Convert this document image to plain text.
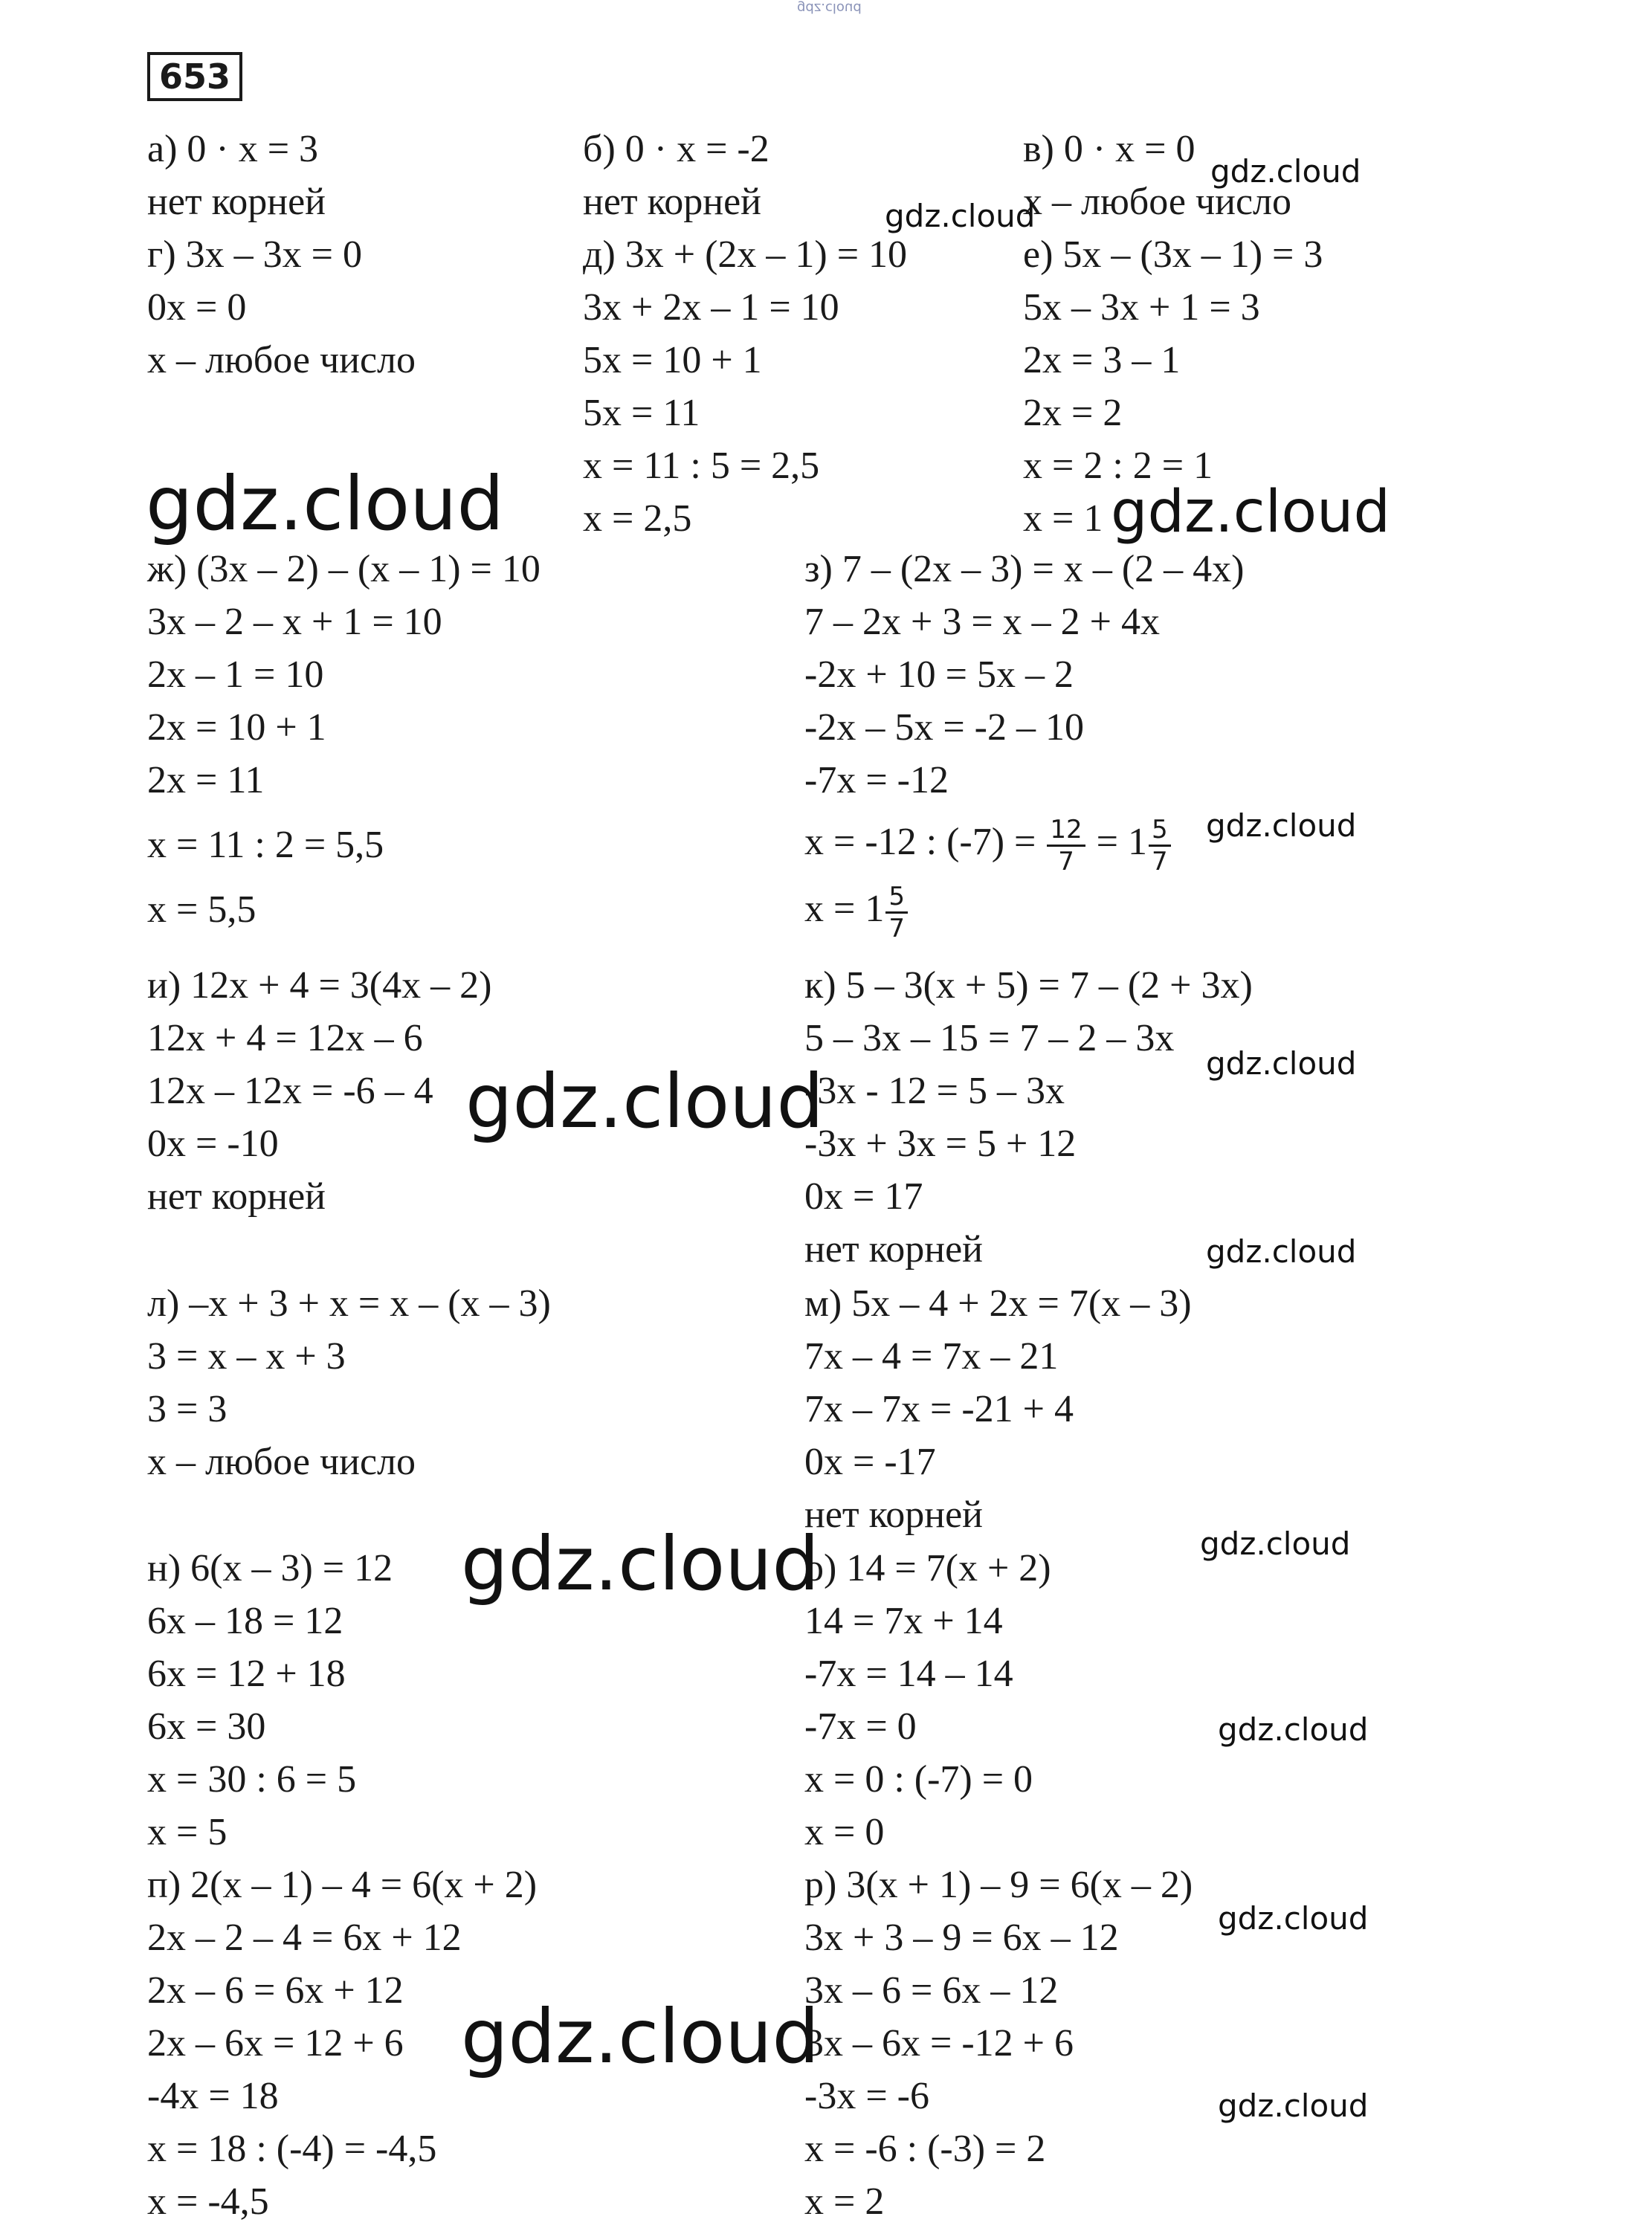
gdz.cloud
653
а) 0 · x = 3
нет корней
б) 0 · x = -2
нет корней
в) 0 · x = 0
x – любое число
г) 3x – 3x = 0
0x = 0
x – любое число
д) 3x + (2x – 1) = 10
3x + 2x – 1 = 10
5x = 10 + 1
5x = 11
x = 11 : 5 = 2,5
x = 2,5
е) 5x – (3x – 1) = 3
5x – 3x + 1 = 3
2x = 3 – 1
2x = 2
x = 2 : 2 = 1
x = 1
ж) (3x – 2) – (x – 1) = 10
3x – 2 – x + 1 = 10
2x – 1 = 10
2x = 10 + 1
2x = 11
x = 11 : 2 = 5,5
x = 5,5
з) 7 – (2x – 3) = x – (2 – 4x)
7 – 2x + 3 = x – 2 + 4x
-2x + 10 = 5x – 2
-2x – 5x = -2 – 10
-7x = -12
x = -12 : $(-7) = \frac{12}{7} = 1 \frac{5}{7}$
$x = 1 \frac{5}{7}$
и) 12x + 4 = 3(4x – 2)
12x + 4 = 12x – 6
12x – 12x = -6 – 4
0x = -10
нет корней
к) 5 – 3(x + 5) = 7 – (2 + 3x)
5 – 3x – 15 = 7 – 2 – 3x
-3x - 12 = 5 – 3x
-3x + 3x = 5 + 12
0x = 17
нет корней
л) –x + 3 + x = x – (x – 3)
3 = x – x + 3
3 = 3
x – любое число
м) 5x – 4 + 2x = 7(x – 3)
7x – 4 = 7x – 21
7x – 7x = -21 + 4
0x = -17
нет корней
н) 6(x – 3) = 12
6x – 18 = 12
6x = 12 + 18
6x = 30
x = 30 : 6 = 5
x = 5
о) 14 = 7(x + 2)
14 = 7x + 14
-7x = 14 – 14
-7x = 0
x = 0 : (-7) = 0
x = 0
п) 2(x – 1) – 4 = 6(x + 2)
2x – 2 – 4 = 6x + 12
2x – 6 = 6x + 12
2x – 6x = 12 + 6
-4x = 18
x = 18 : (-4) = -4,5
x = -4,5
р) 3(x + 1) – 9 = 6(x – 2)
3x + 3 – 9 = 6x – 12
3x – 6 = 6x – 12
3x – 6x = -12 + 6
-3x = -6
x = -6 : (-3) = 2
x = 2
gdz.cloud
gdz.cloud
gdz.cloud	gdz.cloud
gdz.cloud
gdz.cloud
gdz.cloud
gdz.cloud
gdz.cloud
gdz.cloud
gdz.cloud
gdz.cloud
gdz.cloud
gdz.cloud
